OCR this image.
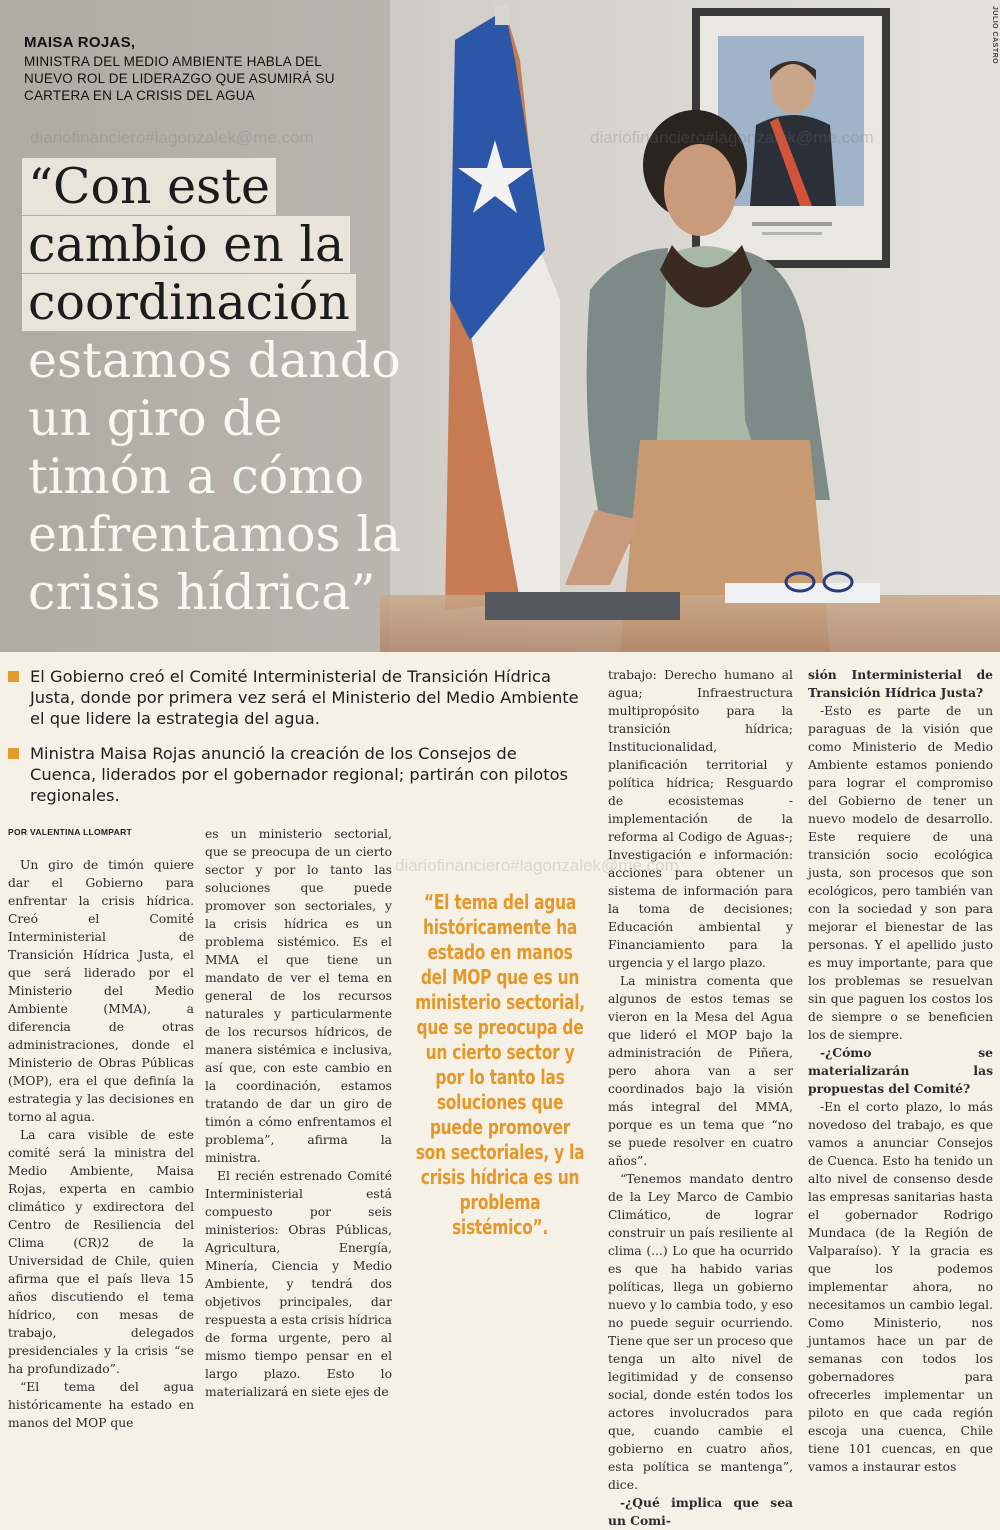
JULIO CASTRO
MAISA ROJAS,
MINISTRA DEL MEDIO AMBIENTE HABLA DEL NUEVO ROL DE LIDERAZGO QUE ASUMIRÁ SU CARTERA EN LA CRISIS DEL AGUA
diariofinanciero#lagonzalek@me.com	diariofinanciero#lagonzalek@me.com
“Con este
cambio en la
coordinación
estamos dando
un giro de
timón a cómo
enfrentamos la
crisis hídrica”
El Gobierno creó el Comité Interministerial de Transición Hídrica Justa, donde por primera vez será el Ministerio del Medio Ambiente el que lidere la estrategia del agua.
Ministra Maisa Rojas anunció la creación de los Consejos de Cuenca, liderados por el gobernador regional; partirán con pilotos regionales.
POR VALENTINA LLOMPART

Un giro de timón quiere dar el Gobierno para enfrentar la crisis hídrica. Creó el Comité Interministerial de Transición Hídrica Justa, el que será liderado por el Ministerio del Medio Ambiente (MMA), a diferencia de otras administraciones, donde el Ministerio de Obras Públicas (MOP), era el que definía la estrategia y las decisiones en torno al agua.

La cara visible de este comité será la ministra del Medio Ambiente, Maisa Rojas, experta en cambio climático y exdirectora del Centro de Resiliencia del Clima (CR)2 de la Universidad de Chile, quien afirma que el país lleva 15 años discutiendo el tema hídrico, con mesas de trabajo, delegados presidenciales y la crisis “se ha profundizado”.

“El tema del agua históricamente ha estado en manos del MOP que

es un ministerio sectorial, que se preocupa de un cierto sector y por lo tanto las soluciones que puede promover son sectoriales, y la crisis hídrica es un problema sistémico. Es el MMA el que tiene un mandato de ver el tema en general de los recursos naturales y particularmente de los recursos hídricos, de manera sistémica e inclusiva, así que, con este cambio en la coordinación, estamos tratando de dar un giro de timón a cómo enfrentamos el problema”, afirma la ministra.

El recién estrenado Comité Interministerial está compuesto por seis ministerios: Obras Públicas, Agricultura, Energía, Minería, Ciencia y Medio Ambiente, y tendrá dos objetivos principales, dar respuesta a esta crisis hídrica de forma urgente, pero al mismo tiempo pensar en el largo plazo. Esto lo materializará en siete ejes de

diariofinanciero#lagonzalek@me.com
“El tema del agua históricamente ha estado en manos del MOP que es un ministerio sectorial, que se preocupa de un cierto sector y por lo tanto las soluciones que puede promover son sectoriales, y la crisis hídrica es un problema sistémico”.

trabajo: Derecho humano al agua; Infraestructura multipropósito para la transición hídrica; Institucionalidad, planificación territorial y política hídrica; Resguardo de ecosistemas - implementación de la reforma al Codigo de Aguas-; Investigación e información: acciones para obtener un sistema de información para la toma de decisiones; Educación ambiental y Financiamiento para la urgencia y el largo plazo.

La ministra comenta que algunos de estos temas se vieron en la Mesa del Agua que lideró el MOP bajo la administración de Piñera, pero ahora van a ser coordinados bajo la visión más integral del MMA, porque es un tema que “no se puede resolver en cuatro años”.

“Tenemos mandato dentro de la Ley Marco de Cambio Climático, de lograr construir un país resiliente al clima (...) Lo que ha ocurrido es que ha habido varias políticas, llega un gobierno nuevo y lo cambia todo, y eso no puede seguir ocurriendo. Tiene que ser un proceso que tenga un alto nivel de legitimidad y de consenso social, donde estén todos los actores involucrados para que, cuando cambie el gobierno en cuatro años, esta política se mantenga”, dice.

-¿Qué implica que sea un Comi-

sión Interministerial de Transición Hídrica Justa?

-Esto es parte de un paraguas de la visión que como Ministerio de Medio Ambiente estamos poniendo para lograr el compromiso del Gobierno de tener un nuevo modelo de desarrollo. Este requiere de una transición socio ecológica justa, son procesos que son ecológicos, pero también van con la sociedad y son para mejorar el bienestar de las personas. Y el apellido justo es muy importante, para que los problemas se resuelvan sin que paguen los costos los de siempre o se beneficien los de siempre.

-¿Cómo se materializarán las propuestas del Comité?

-En el corto plazo, lo más novedoso del trabajo, es que vamos a anunciar Consejos de Cuenca. Esto ha tenido un alto nivel de consenso desde las empresas sanitarias hasta el gobernador Rodrigo Mundaca (de la Región de Valparaíso). Y la gracia es que los podemos implementar ahora, no necesitamos un cambio legal. Como Ministerio, nos juntamos hace un par de semanas con todos los gobernadores para ofrecerles implementar un piloto en que cada región escoja una cuenca, Chile tiene 101 cuencas, en que vamos a instaurar estos
